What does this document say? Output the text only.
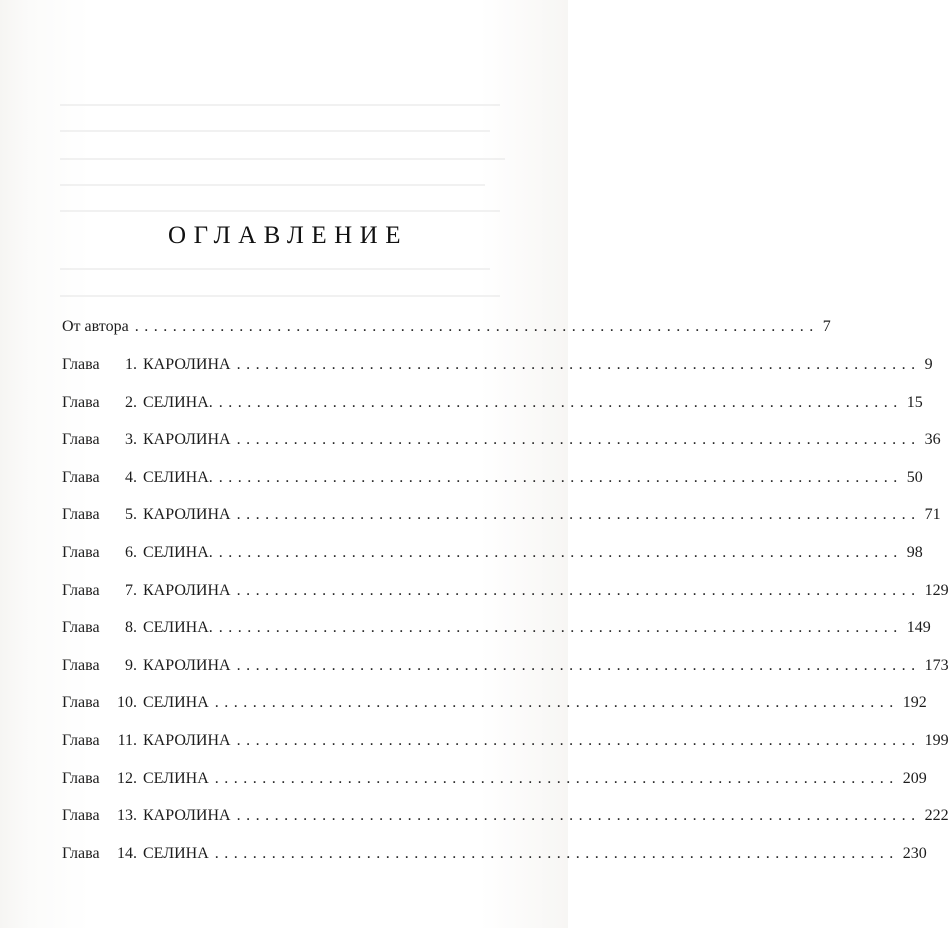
ОГЛАВЛЕНИЕ
От автора ........................................................................ 7
Глава 1. КАРОЛИНА ........................................................................ 9
Глава 2. СЕЛИНА. ........................................................................ 15
Глава 3. КАРОЛИНА ........................................................................ 36
Глава 4. СЕЛИНА. ........................................................................ 50
Глава 5. КАРОЛИНА ........................................................................ 71
Глава 6. СЕЛИНА. ........................................................................ 98
Глава 7. КАРОЛИНА ........................................................................ 129
Глава 8. СЕЛИНА. ........................................................................ 149
Глава 9. КАРОЛИНА ........................................................................ 173
Глава 10. СЕЛИНА ........................................................................ 192
Глава 11. КАРОЛИНА ........................................................................ 199
Глава 12. СЕЛИНА ........................................................................ 209
Глава 13. КАРОЛИНА ........................................................................ 222
Глава 14. СЕЛИНА ........................................................................ 230
